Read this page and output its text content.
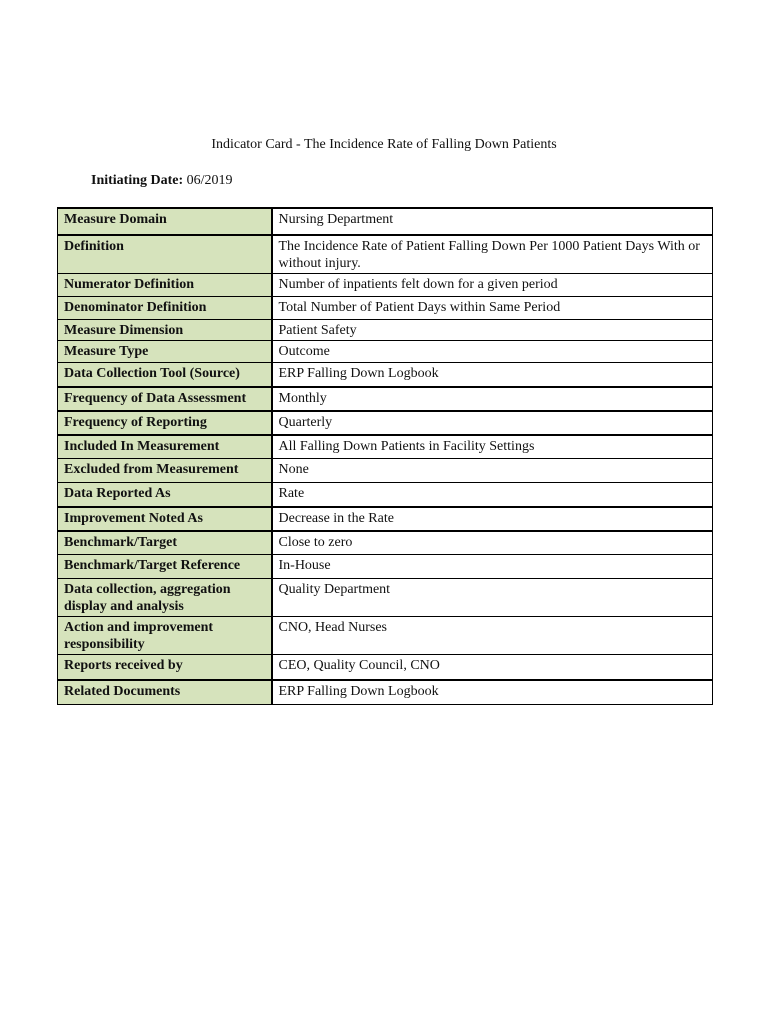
Indicator Card - The Incidence Rate of Falling Down Patients
Initiating Date: 06/2019
Measure Domain	Nursing Department
Definition	The Incidence Rate of Patient Falling Down Per 1000 Patient Days With or without injury.
Numerator Definition	Number of inpatients felt down for a given period
Denominator Definition	Total Number of Patient Days within Same Period
Measure Dimension	Patient Safety
Measure Type	Outcome
Data Collection Tool (Source)	ERP Falling Down Logbook
Frequency of Data Assessment	Monthly
Frequency of Reporting	Quarterly
Included In Measurement	All Falling Down Patients in Facility Settings
Excluded from Measurement	None
Data Reported As	Rate
Improvement Noted As	Decrease in the Rate
Benchmark/Target	Close to zero
Benchmark/Target Reference	In-House
Data collection, aggregation display and analysis	Quality Department
Action and improvement responsibility	CNO, Head Nurses
Reports received by	CEO, Quality Council, CNO
Related Documents	ERP Falling Down Logbook
